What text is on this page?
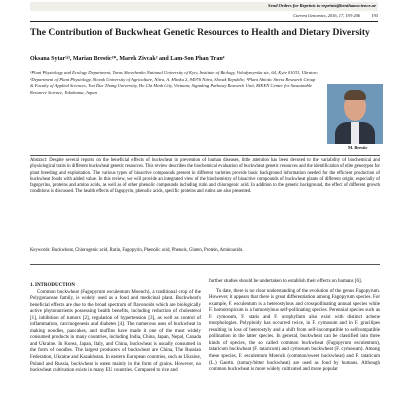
Send Orders for Reprints to reprints@benthamscience.ae
Current Genomics, 2016, 17, 193-206	193
The Contribution of Buckwheat Genetic Resources to Health and Dietary Diversity
Oksana Sytar¹ʲ³, Marian Brestic²*, Marek Zivcak² and Lam-Son Phan Tran⁴
¹Plant Physiology and Ecology Department, Taras Shevchenko National University of Kyiv, Institute of Biology, Volodymyrska str., 64, Kyiv 01033, Ukraine; ²Department of Plant Physiology, Slovak University of Agriculture, Nitra, A. Hlinku 2, 94976 Nitra, Slovak Republic; ³Plant Abiotic Stress Research Group & Faculty of Applied Sciences, Ton Duc Thang University, Ho Chi Minh City, Vietnam; Signaling Pathway Research Unit, RIKEN Center for Sustainable Resource Science, Yokohama, Japan
M. Brestic
Abstract: Despite several reports on the beneficial effects of buckwheat in prevention of human diseases, little attention has been devoted to the variability of biochemical and physiological traits in different buckwheat genetic resources. This review describes the biochemical evaluation of buckwheat genetic resources and the identification of elite genotypes for plant breeding and exploitation. The various types of bioactive compounds present in different varieties provide basic background information needed for the efficient production of buckwheat foods with added value. In this review, we will provide an integrated view of the biochemistry of bioactive compounds of buckwheat plants of different origin, especially of fagopyrins, proteins and amino acids, as well as of other phenolic compounds including rutin and chlorogenic acid. In addition to the genetic background, the effect of different growth conditions is discussed. The health effects of fagopyrin, phenolic acids, specific proteins and rutins are also presented.
Keywords: Buckwheat, Chlorogenic acid, Rutin, Fagopyrin, Phenolic acid, Phenols, Gluten, Protein, Aminoacids.
1. INTRODUCTION

Common buckwheat (Fagopyrum esculentum Moench), a traditional crop of the Polygonaceae family, is widely used as a food and medicinal plant. Buckwheat's beneficial effects are due to the broad spectrum of flavonoids which are biologically active phytonutrients possessing health benefits, including reduction of cholesterol [1], inhibition of tumors [2], regulation of hypertension [3], as well as control of inflammation, carcinogenesis and diabetes [4]. The numerous uses of buckwheat in making noodles, pancakes, and muffins have made it one of the most widely consumed products in many countries, including India, China, Japan, Nepal, Canada and Ukraine. In Korea, Japan, Italy, and China, buckwheat is usually consumed in the form of noodles. The largest producers of buckwheat are China, The Russian Federation, Ukraine and Kazakhstan. In eastern European countries, such as Ukraine, Poland and Russia, buckwheat is eaten mainly in the form of grains. However, no buckwheat cultivation exists in many EU countries. Compared to rice and

further studies should be undertaken to establish their effects on humans [6].

To date, there is no clear understanding of the evolution of the genus Fagopyrum. However, it appears that there is great differentiation among Fagopyrum species. For example, F. esculentum is a heterostylous and crosspollinating annual species while F. homotropicum is a homostylous self-pollinating species. Perennial species such as F. cymosum, F. statis and F. urophyllum also exist with distinct achene morphologies. Polyploidy has occurred twice, in F. cymosum and in F. gracilipes resulting in loss of heterostyly and a shift from self-incompatible to selfcompatible pollination in the latter species. In general, buckwheat can be classified into three kinds of species, the so called common buckwheat (Fagopyrum esculentum), tataricum buckwheat (F. tataricum) and cymosum buckwheat (F. cymosum). Among these species, F. esculentum Moench (common/sweet buckwheat) and F. tataricum (L.) Gaertn. (tartary/bitter buckwheat) are used as food by humans. Although common buckwheat is more widely cultivated and more popular
